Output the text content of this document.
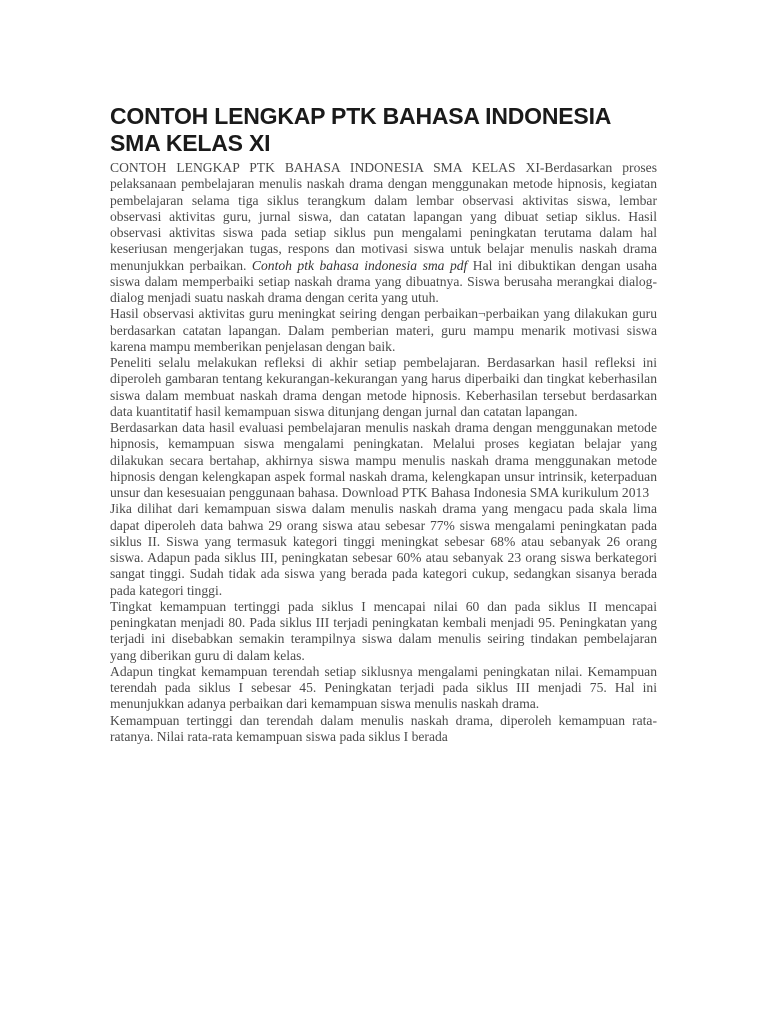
CONTOH LENGKAP PTK BAHASA INDONESIA SMA KELAS XI

CONTOH LENGKAP PTK BAHASA INDONESIA SMA KELAS XI-Berdasarkan proses pelaksanaan pembelajaran menulis naskah drama dengan menggunakan metode hipnosis, kegiatan pembelajaran selama tiga siklus terangkum dalam lembar observasi aktivitas siswa, lembar observasi aktivitas guru, jurnal siswa, dan catatan lapangan yang dibuat setiap siklus. Hasil observasi aktivitas siswa pada setiap siklus pun mengalami peningkatan terutama dalam hal keseriusan mengerjakan tugas, respons dan motivasi siswa untuk belajar menulis naskah drama menunjukkan perbaikan. Contoh ptk bahasa indonesia sma pdf Hal ini dibuktikan dengan usaha siswa dalam memperbaiki setiap naskah drama yang dibuatnya. Siswa berusaha merangkai dialog-dialog menjadi suatu naskah drama dengan cerita yang utuh.

Hasil observasi aktivitas guru meningkat seiring dengan perbaikan¬perbaikan yang dilakukan guru berdasarkan catatan lapangan. Dalam pemberian materi, guru mampu menarik motivasi siswa karena mampu memberikan penjelasan dengan baik.

Peneliti selalu melakukan refleksi di akhir setiap pembelajaran. Berdasarkan hasil refleksi ini diperoleh gambaran tentang kekurangan-kekurangan yang harus diperbaiki dan tingkat keberhasilan siswa dalam membuat naskah drama dengan metode hipnosis. Keberhasilan tersebut berdasarkan data kuantitatif hasil kemampuan siswa ditunjang dengan jurnal dan catatan lapangan.

Berdasarkan data hasil evaluasi pembelajaran menulis naskah drama dengan menggunakan metode hipnosis, kemampuan siswa mengalami peningkatan. Melalui proses kegiatan belajar yang dilakukan secara bertahap, akhirnya siswa mampu menulis naskah drama menggunakan metode hipnosis dengan kelengkapan aspek formal naskah drama, kelengkapan unsur intrinsik, keterpaduan unsur dan kesesuaian penggunaan bahasa. Download PTK Bahasa Indonesia SMA kurikulum 2013

Jika dilihat dari kemampuan siswa dalam menulis naskah drama yang mengacu pada skala lima dapat diperoleh data bahwa 29 orang siswa atau sebesar 77% siswa mengalami peningkatan pada siklus II. Siswa yang termasuk kategori tinggi meningkat sebesar 68% atau sebanyak 26 orang siswa. Adapun pada siklus III, peningkatan sebesar 60% atau sebanyak 23 orang siswa berkategori sangat tinggi. Sudah tidak ada siswa yang berada pada kategori cukup, sedangkan sisanya berada pada kategori tinggi.

Tingkat kemampuan tertinggi pada siklus I mencapai nilai 60 dan pada siklus II mencapai peningkatan menjadi 80. Pada siklus III terjadi peningkatan kembali menjadi 95. Peningkatan yang terjadi ini disebabkan semakin terampilnya siswa dalam menulis seiring tindakan pembelajaran yang diberikan guru di dalam kelas.

Adapun tingkat kemampuan terendah setiap siklusnya mengalami peningkatan nilai. Kemampuan terendah pada siklus I sebesar 45. Peningkatan terjadi pada siklus III menjadi 75. Hal ini menunjukkan adanya perbaikan dari kemampuan siswa menulis naskah drama.

Kemampuan tertinggi dan terendah dalam menulis naskah drama, diperoleh kemampuan rata-ratanya. Nilai rata-rata kemampuan siswa pada siklus I berada
